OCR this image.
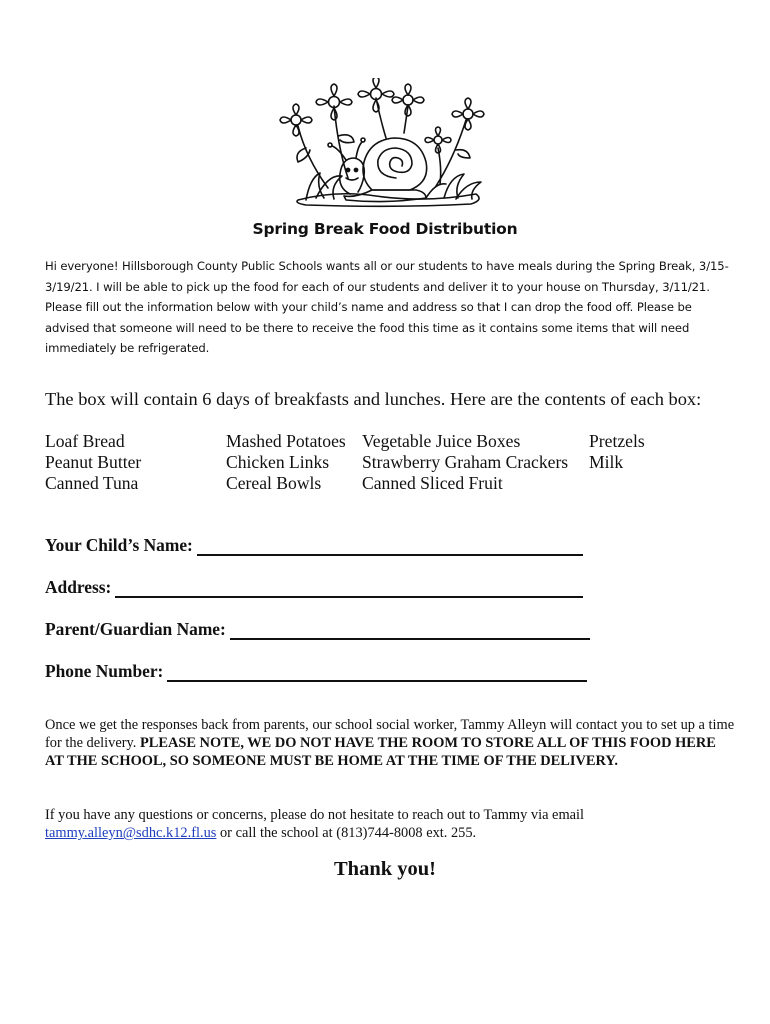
Spring Break Food Distribution
Hi everyone! Hillsborough County Public Schools wants all or our students to have meals during the Spring Break, 3/15-3/19/21. I will be able to pick up the food for each of our students and deliver it to your house on Thursday, 3/11/21. Please fill out the information below with your child’s name and address so that I can drop the food off. Please be advised that someone will need to be there to receive the food this time as it contains some items that will need immediately be refrigerated.
The box will contain 6 days of breakfasts and lunches. Here are the contents of each box:
Loaf Bread
Peanut Butter
Canned Tuna
Mashed Potatoes
Chicken Links
Cereal Bowls
Vegetable Juice Boxes
Strawberry Graham Crackers
Canned Sliced Fruit
Pretzels
Milk
Your Child’s Name:
Address:
Parent/Guardian Name:
Phone Number:
Once we get the responses back from parents, our school social worker, Tammy Alleyn will contact you to set up a time for the delivery. PLEASE NOTE, WE DO NOT HAVE THE ROOM TO STORE ALL OF THIS FOOD HERE AT THE SCHOOL, SO SOMEONE MUST BE HOME AT THE TIME OF THE DELIVERY.
If you have any questions or concerns, please do not hesitate to reach out to Tammy via email tammy.alleyn@sdhc.k12.fl.us or call the school at (813)744-8008 ext. 255.
Thank you!
